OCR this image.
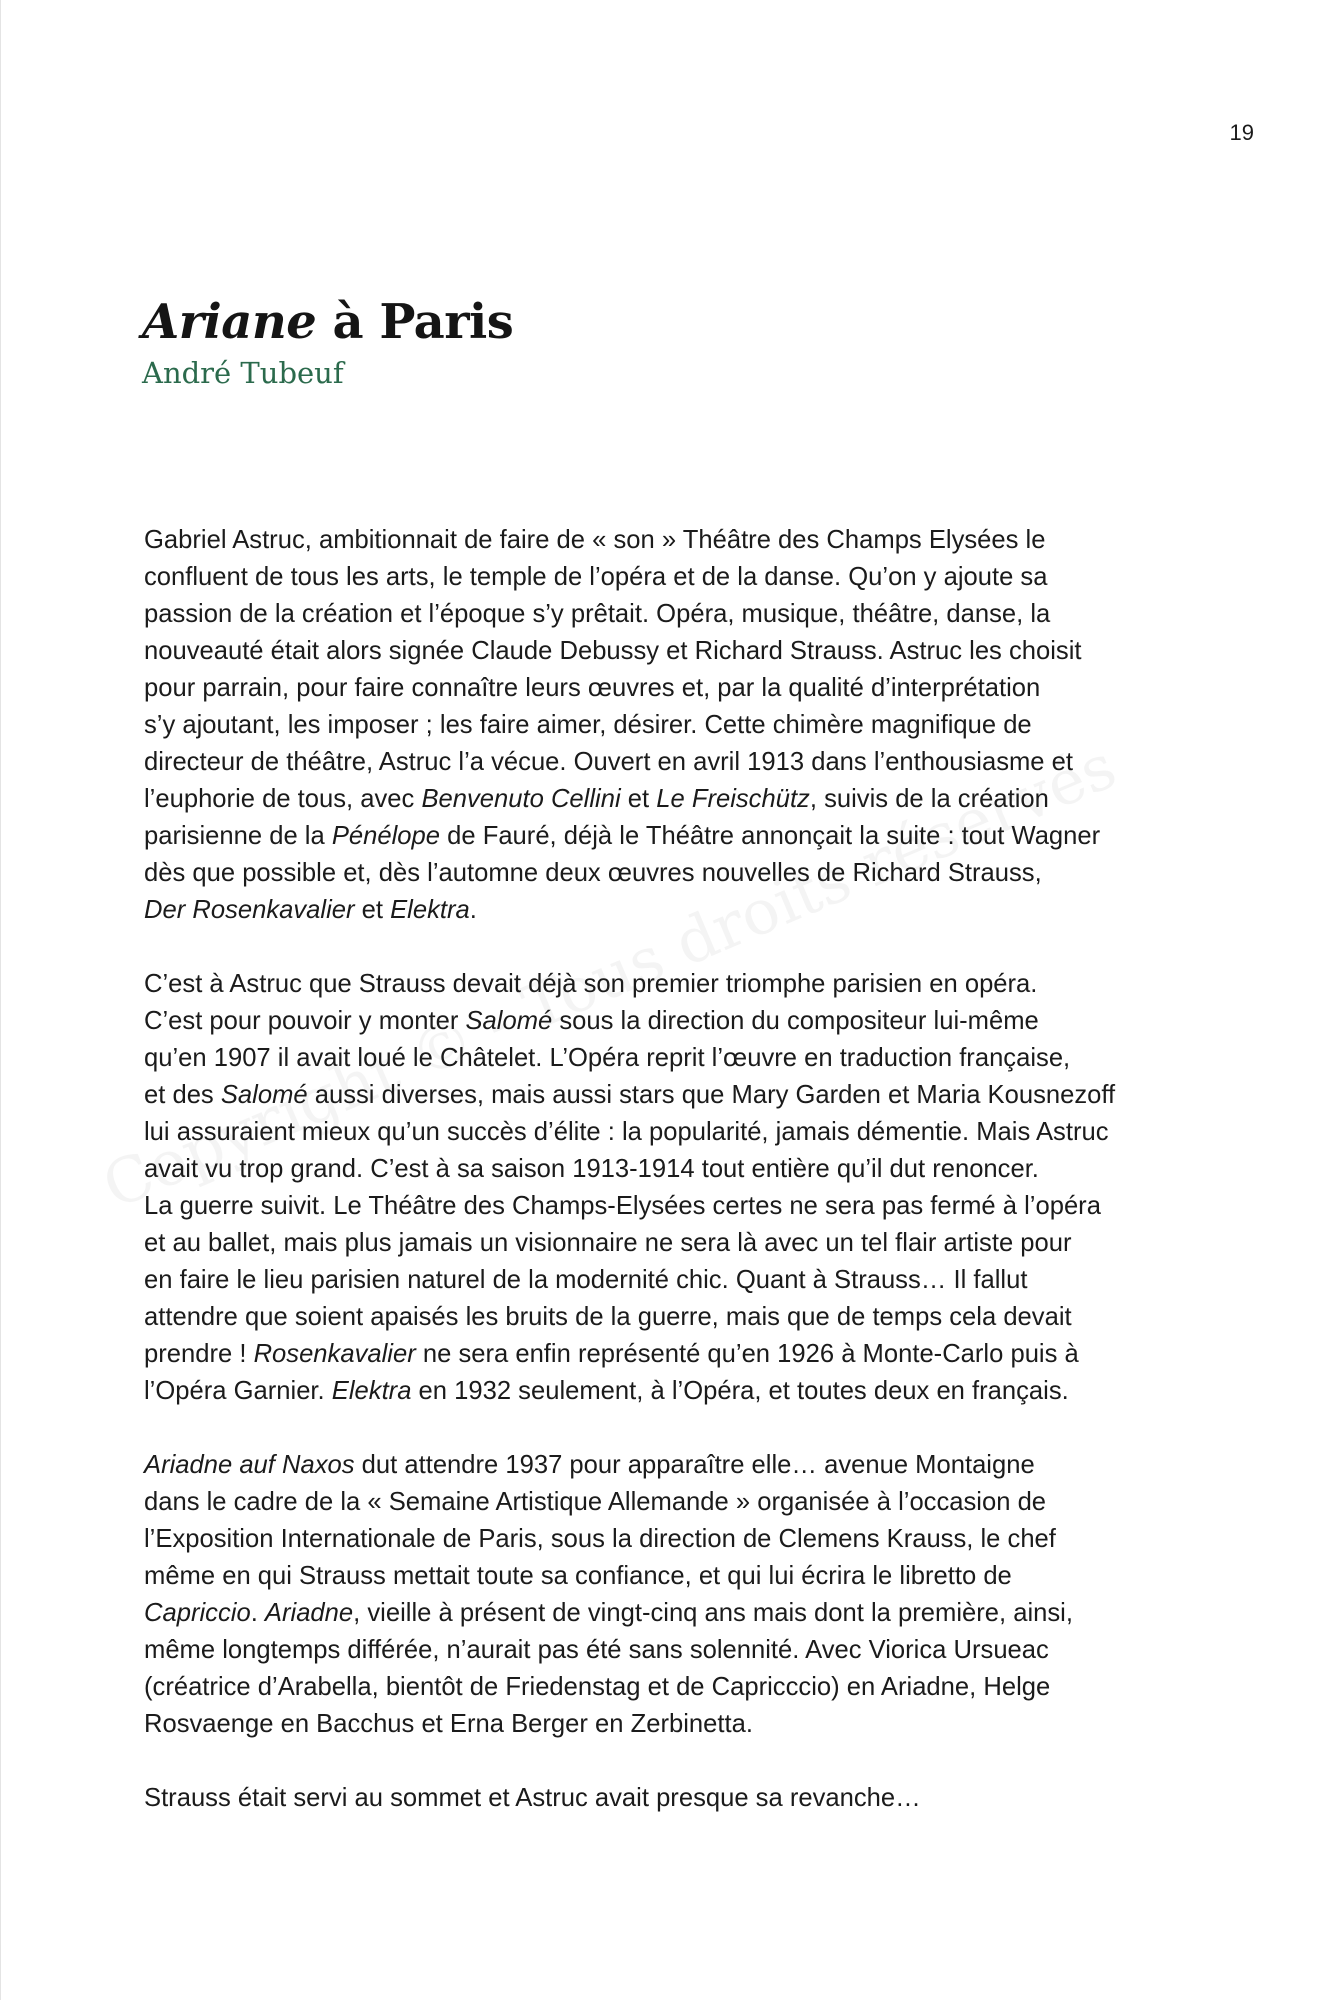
19
Ariane à Paris
André Tubeuf

Gabriel Astruc, ambitionnait de faire de « son » Théâtre des Champs Elysées le
confluent de tous les arts, le temple de l’opéra et de la danse. Qu’on y ajoute sa
passion de la création et l’époque s’y prêtait. Opéra, musique, théâtre, danse, la
nouveauté était alors signée Claude Debussy et Richard Strauss. Astruc les choisit
pour parrain, pour faire connaître leurs œuvres et, par la qualité d’interprétation
s’y ajoutant, les imposer ; les faire aimer, désirer. Cette chimère magnifique de
directeur de théâtre, Astruc l’a vécue. Ouvert en avril 1913 dans l’enthousiasme et
l’euphorie de tous, avec Benvenuto Cellini et Le Freischütz, suivis de la création
parisienne de la Pénélope de Fauré, déjà le Théâtre annonçait la suite : tout Wagner
dès que possible et, dès l’automne deux œuvres nouvelles de Richard Strauss,
Der Rosenkavalier et Elektra.

C’est à Astruc que Strauss devait déjà son premier triomphe parisien en opéra.
C’est pour pouvoir y monter Salomé sous la direction du compositeur lui-même
qu’en 1907 il avait loué le Châtelet. L’Opéra reprit l’œuvre en traduction française,
et des Salomé aussi diverses, mais aussi stars que Mary Garden et Maria Kousnezoff
lui assuraient mieux qu’un succès d’élite : la popularité, jamais démentie. Mais Astruc
avait vu trop grand. C’est à sa saison 1913-1914 tout entière qu’il dut renoncer.
La guerre suivit. Le Théâtre des Champs-Elysées certes ne sera pas fermé à l’opéra
et au ballet, mais plus jamais un visionnaire ne sera là avec un tel flair artiste pour
en faire le lieu parisien naturel de la modernité chic. Quant à Strauss… Il fallut
attendre que soient apaisés les bruits de la guerre, mais que de temps cela devait
prendre ! Rosenkavalier ne sera enfin représenté qu’en 1926 à Monte-Carlo puis à
l’Opéra Garnier. Elektra en 1932 seulement, à l’Opéra, et toutes deux en français.

Ariadne auf Naxos dut attendre 1937 pour apparaître elle… avenue Montaigne
dans le cadre de la « Semaine Artistique Allemande » organisée à l’occasion de
l’Exposition Internationale de Paris, sous la direction de Clemens Krauss, le chef
même en qui Strauss mettait toute sa confiance, et qui lui écrira le libretto de
Capriccio. Ariadne, vieille à présent de vingt-cinq ans mais dont la première, ainsi,
même longtemps différée, n’aurait pas été sans solennité. Avec Viorica Ursueac
(créatrice d’Arabella, bientôt de Friedenstag et de Capricccio) en Ariadne, Helge
Rosvaenge en Bacchus et Erna Berger en Zerbinetta.

Strauss était servi au sommet et Astruc avait presque sa revanche…
